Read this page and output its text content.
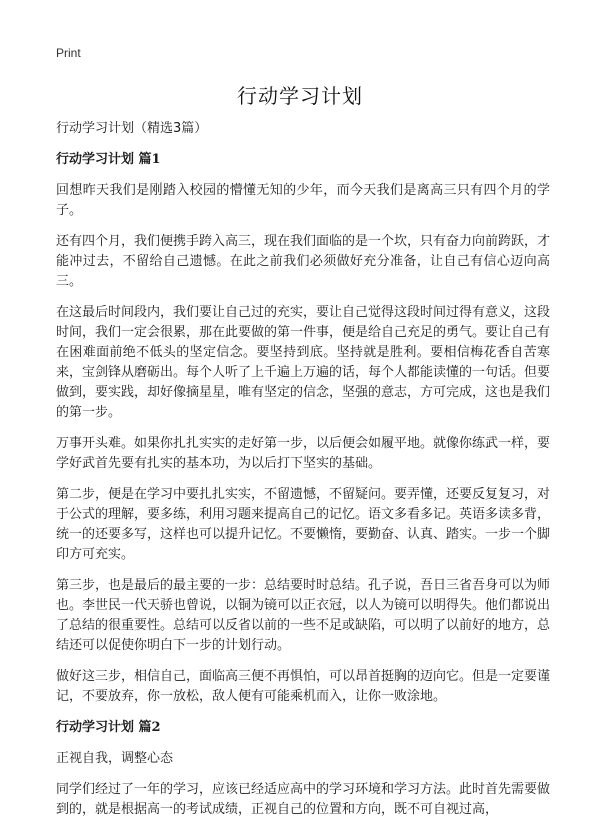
Print
行动学习计划

行动学习计划（精选3篇）

行动学习计划 篇1

回想昨天我们是刚踏入校园的懵懂无知的少年，而今天我们是离高三只有四个月的学子。

还有四个月，我们便携手跨入高三，现在我们面临的是一个坎，只有奋力向前跨跃，才能冲过去，不留给自己遗憾。在此之前我们必须做好充分准备，让自己有信心迈向高三。

在这最后时间段内，我们要让自己过的充实，要让自己觉得这段时间过得有意义，这段时间，我们一定会很累，那在此要做的第一件事，便是给自己充足的勇气。要让自己有在困难面前绝不低头的坚定信念。要坚持到底。坚持就是胜利。要相信梅花香自苦寒来，宝剑锋从磨砺出。每个人听了上千遍上万遍的话，每个人都能读懂的一句话。但要做到，要实践，却好像摘星星，唯有坚定的信念，坚强的意志，方可完成，这也是我们的第一步。

万事开头难。如果你扎扎实实的走好第一步，以后便会如履平地。就像你练武一样，要学好武首先要有扎实的基本功，为以后打下坚实的基础。

第二步，便是在学习中要扎扎实实，不留遗憾，不留疑问。要弄懂，还要反复复习，对于公式的理解，要多练，利用习题来提高自己的记忆。语文多看多记。英语多读多背，统一的还要多写，这样也可以提升记忆。不要懒惰，要勤奋、认真、踏实。一步一个脚印方可充实。

第三步，也是最后的最主要的一步：总结要时时总结。孔子说，吾日三省吾身可以为师也。李世民一代天骄也曾说，以铜为镜可以正衣冠，以人为镜可以明得失。他们都说出了总结的很重要性。总结可以反省以前的一些不足或缺陷，可以明了以前好的地方，总结还可以促使你明白下一步的计划行动。

做好这三步，相信自己，面临高三便不再惧怕，可以昂首挺胸的迈向它。但是一定要谨记，不要放弃，你一放松，敌人便有可能乘机而入，让你一败涂地。

行动学习计划 篇2

正视自我，调整心态

同学们经过了一年的学习，应该已经适应高中的学习环境和学习方法。此时首先需要做到的，就是根据高一的考试成绩，正视自己的位置和方向，既不可自视过高，
